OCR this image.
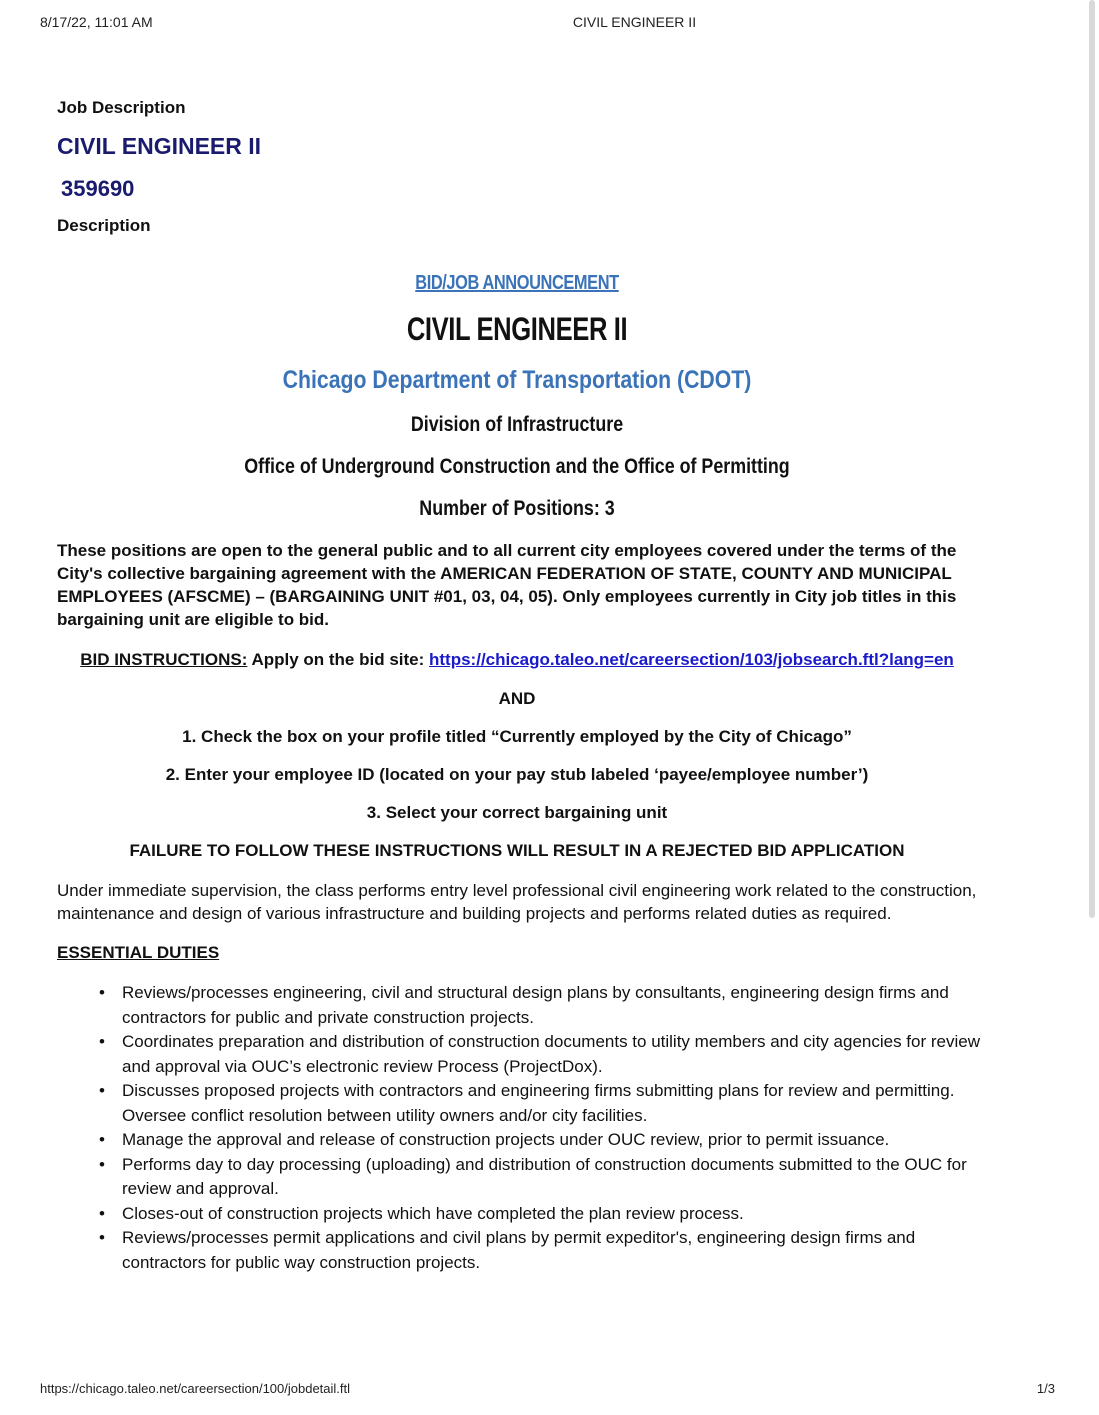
8/17/22, 11:01 AM	CIVIL ENGINEER II
Job Description
CIVIL ENGINEER II
359690
Description
BID/JOB ANNOUNCEMENT
CIVIL ENGINEER II
Chicago Department of Transportation (CDOT)
Division of Infrastructure
Office of Underground Construction and the Office of Permitting
Number of Positions: 3
These positions are open to the general public and to all current city employees covered under the terms of the City's collective bargaining agreement with the AMERICAN FEDERATION OF STATE, COUNTY AND MUNICIPAL EMPLOYEES (AFSCME) – (BARGAINING UNIT #01, 03, 04, 05). Only employees currently in City job titles in this bargaining unit are eligible to bid.
BID INSTRUCTIONS: Apply on the bid site: https://chicago.taleo.net/careersection/103/jobsearch.ftl?lang=en
AND
1. Check the box on your profile titled “Currently employed by the City of Chicago”
2. Enter your employee ID (located on your pay stub labeled ‘payee/employee number’)
3. Select your correct bargaining unit
FAILURE TO FOLLOW THESE INSTRUCTIONS WILL RESULT IN A REJECTED BID APPLICATION
Under immediate supervision, the class performs entry level professional civil engineering work related to the construction, maintenance and design of various infrastructure and building projects and performs related duties as required.
ESSENTIAL DUTIES
• Reviews/processes engineering, civil and structural design plans by consultants, engineering design firms and contractors for public and private construction projects.
• Coordinates preparation and distribution of construction documents to utility members and city agencies for review and approval via OUC’s electronic review Process (ProjectDox).
• Discusses proposed projects with contractors and engineering firms submitting plans for review and permitting. Oversee conflict resolution between utility owners and/or city facilities.
• Manage the approval and release of construction projects under OUC review, prior to permit issuance.
• Performs day to day processing (uploading) and distribution of construction documents submitted to the OUC for review and approval.
• Closes-out of construction projects which have completed the plan review process.
• Reviews/processes permit applications and civil plans by permit expeditor's, engineering design firms and contractors for public way construction projects.
https://chicago.taleo.net/careersection/100/jobdetail.ftl	1/3
